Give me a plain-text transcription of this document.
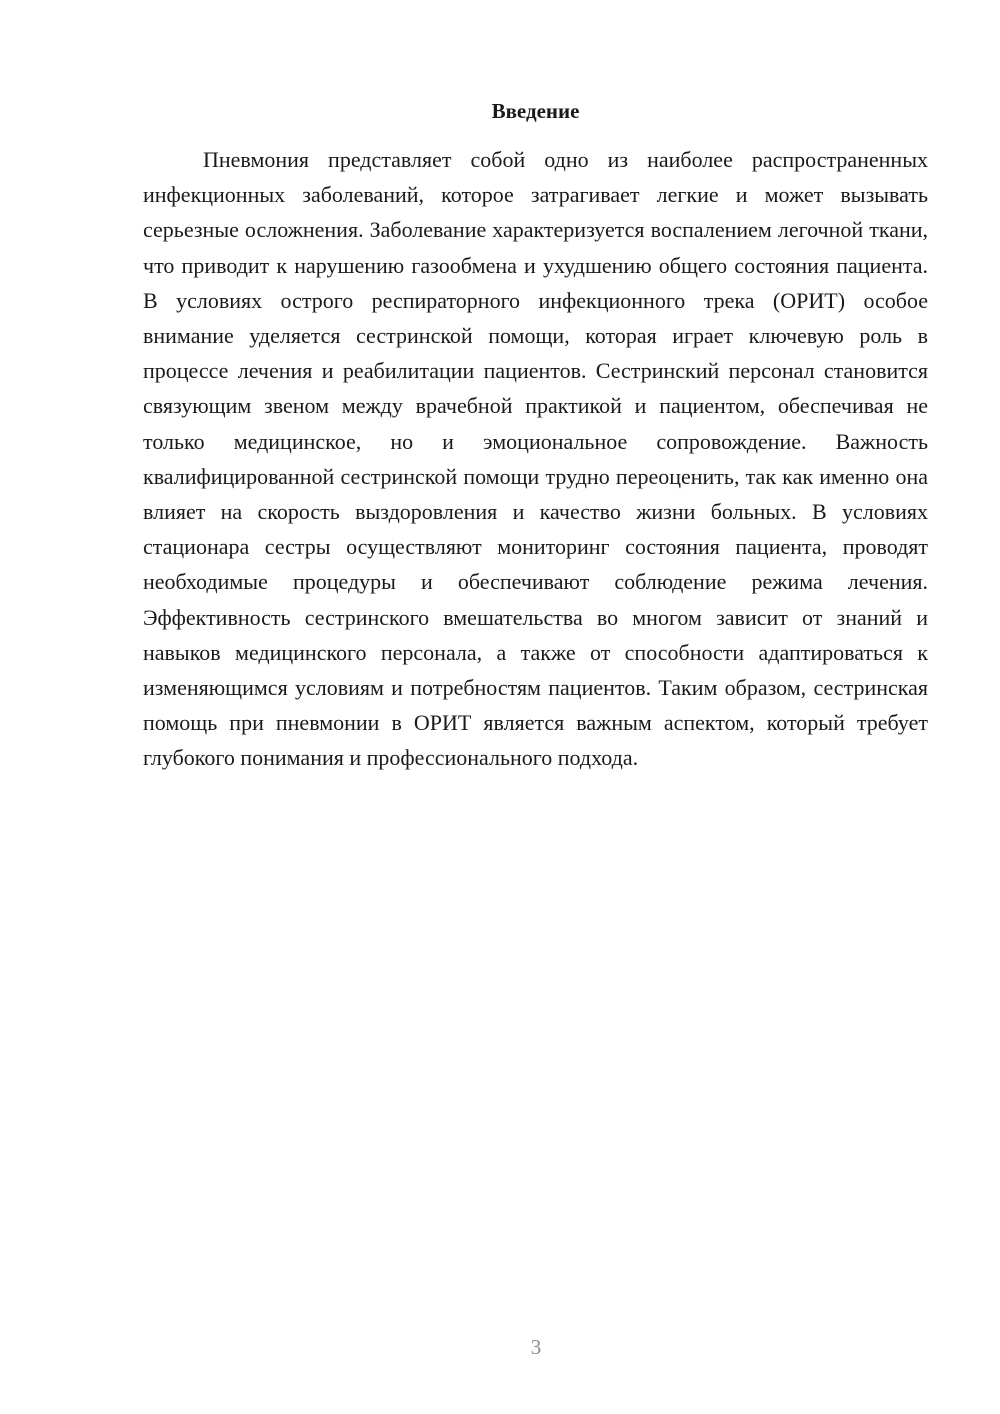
Введение

Пневмония представляет собой одно из наиболее распространенных инфекционных заболеваний, которое затрагивает легкие и может вызывать серьезные осложнения. Заболевание характеризуется воспалением легочной ткани, что приводит к нарушению газообмена и ухудшению общего состояния пациента. В условиях острого респираторного инфекционного трека (ОРИТ) особое внимание уделяется сестринской помощи, которая играет ключевую роль в процессе лечения и реабилитации пациентов. Сестринский персонал становится связующим звеном между врачебной практикой и пациентом, обеспечивая не только медицинское, но и эмоциональное сопровождение. Важность квалифицированной сестринской помощи трудно переоценить, так как именно она влияет на скорость выздоровления и качество жизни больных. В условиях стационара сестры осуществляют мониторинг состояния пациента, проводят необходимые процедуры и обеспечивают соблюдение режима лечения. Эффективность сестринского вмешательства во многом зависит от знаний и навыков медицинского персонала, а также от способности адаптироваться к изменяющимся условиям и потребностям пациентов. Таким образом, сестринская помощь при пневмонии в ОРИТ является важным аспектом, который требует глубокого понимания и профессионального подхода.

3
